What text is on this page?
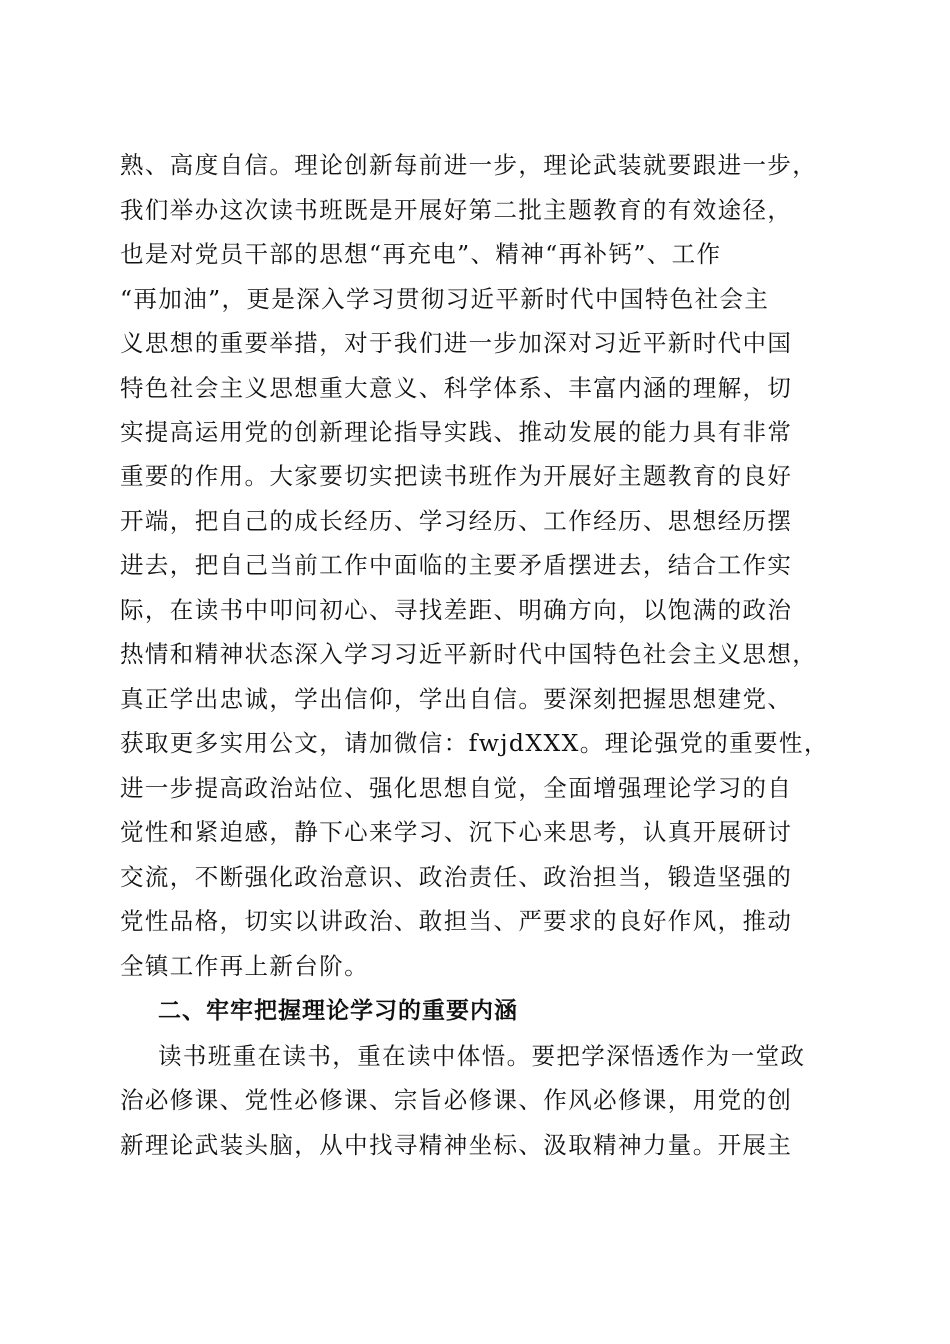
熟、高度自信。理论创新每前进一步，理论武装就要跟进一步，
我们举办这次读书班既是开展好第二批主题教育的有效途径，
也是对党员干部的思想“再充电”、精神“再补钙”、工作
“再加油”，更是深入学习贯彻习近平新时代中国特色社会主
义思想的重要举措，对于我们进一步加深对习近平新时代中国
特色社会主义思想重大意义、科学体系、丰富内涵的理解，切
实提高运用党的创新理论指导实践、推动发展的能力具有非常
重要的作用。大家要切实把读书班作为开展好主题教育的良好
开端，把自己的成长经历、学习经历、工作经历、思想经历摆
进去，把自己当前工作中面临的主要矛盾摆进去，结合工作实
际，在读书中叩问初心、寻找差距、明确方向，以饱满的政治
热情和精神状态深入学习习近平新时代中国特色社会主义思想，
真正学出忠诚，学出信仰，学出自信。要深刻把握思想建党、
获取更多实用公文，请加微信：fwjdXXX。理论强党的重要性，
进一步提高政治站位、强化思想自觉，全面增强理论学习的自
觉性和紧迫感，静下心来学习、沉下心来思考，认真开展研讨
交流，不断强化政治意识、政治责任、政治担当，锻造坚强的
党性品格，切实以讲政治、敢担当、严要求的良好作风，推动
全镇工作再上新台阶。
二、牢牢把握理论学习的重要内涵
读书班重在读书，重在读中体悟。要把学深悟透作为一堂政
治必修课、党性必修课、宗旨必修课、作风必修课，用党的创
新理论武装头脑，从中找寻精神坐标、汲取精神力量。开展主
